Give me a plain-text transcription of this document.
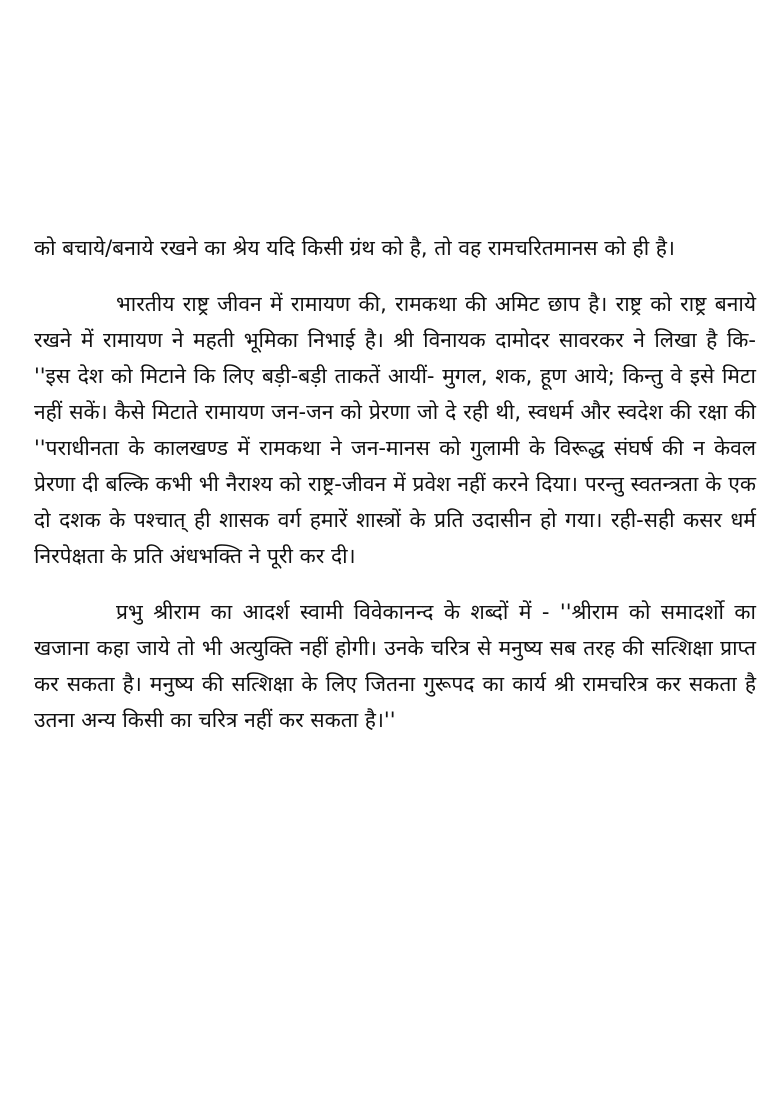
को बचाये/बनाये रखने का श्रेय यदि किसी ग्रंथ को है, तो वह रामचरितमानस को ही है।

भारतीय राष्ट्र जीवन में रामायण की, रामकथा की अमिट छाप है। राष्ट्र को राष्ट्र बनाये रखने में रामायण ने महती भूमिका निभाई है। श्री विनायक दामोदर सावरकर ने लिखा है कि- ''इस देश को मिटाने कि लिए बड़ी-बड़ी ताकतें आयीं- मुगल, शक, हूण आये; किन्तु वे इसे मिटा नहीं सकें। कैसे मिटाते रामायण जन-जन को प्रेरणा जो दे रही थी, स्वधर्म और स्वदेश की रक्षा की ''पराधीनता के कालखण्ड में रामकथा ने जन-मानस को गुलामी के विरूद्ध संघर्ष की न केवल प्रेरणा दी बल्कि कभी भी नैराश्य को राष्ट्र-जीवन में प्रवेश नहीं करने दिया। परन्तु स्वतन्त्रता के एक दो दशक के पश्चात् ही शासक वर्ग हमारें शास्त्रों के प्रति उदासीन हो गया। रही-सही कसर धर्म निरपेक्षता के प्रति अंधभक्ति ने पूरी कर दी।

प्रभु श्रीराम का आदर्श स्वामी विवेकानन्द के शब्दों में - ''श्रीराम को समादर्शो का खजाना कहा जाये तो भी अत्युक्ति नहीं होगी। उनके चरित्र से मनुष्य सब तरह की सत्शिक्षा प्राप्त कर सकता है। मनुष्य की सत्शिक्षा के लिए जितना गुरूपद का कार्य श्री रामचरित्र कर सकता है उतना अन्य किसी का चरित्र नहीं कर सकता है।''
